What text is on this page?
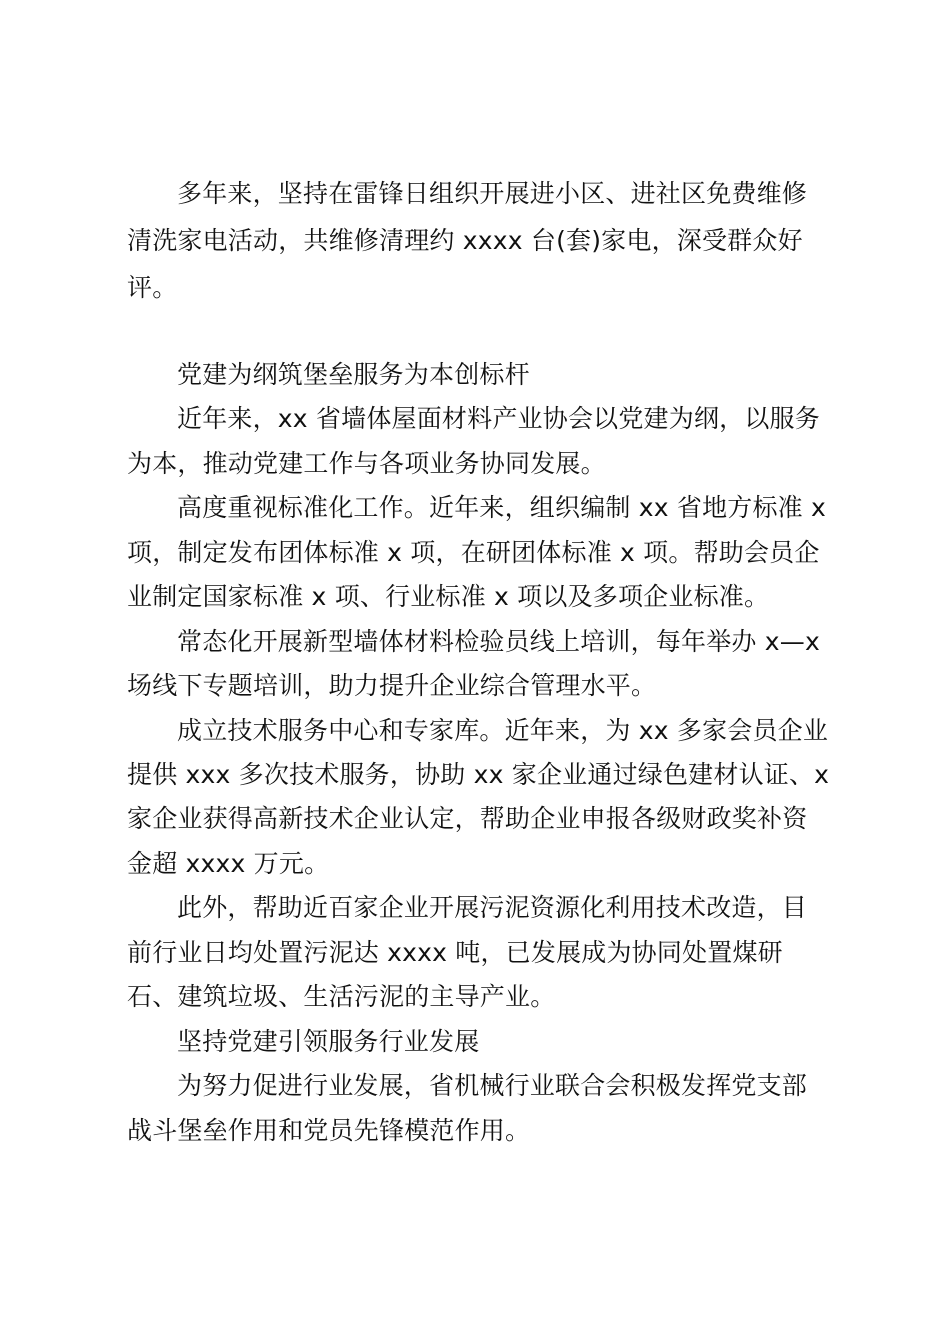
多年来，坚持在雷锋日组织开展进小区、进社区免费维修
清洗家电活动，共维修清理约 xxxx 台(套)家电，深受群众好
评。
党建为纲筑堡垒服务为本创标杆
近年来，xx 省墙体屋面材料产业协会以党建为纲，以服务
为本，推动党建工作与各项业务协同发展。
高度重视标准化工作。近年来，组织编制 xx 省地方标准 x
项，制定发布团体标准 x 项，在研团体标准 x 项。帮助会员企
业制定国家标准 x 项、行业标准 x 项以及多项企业标准。
常态化开展新型墙体材料检验员线上培训，每年举办 x—x
场线下专题培训，助力提升企业综合管理水平。
成立技术服务中心和专家库。近年来，为 xx 多家会员企业
提供 xxx 多次技术服务，协助 xx 家企业通过绿色建材认证、x
家企业获得高新技术企业认定，帮助企业申报各级财政奖补资
金超 xxxx 万元。
此外，帮助近百家企业开展污泥资源化利用技术改造，目
前行业日均处置污泥达 xxxx 吨，已发展成为协同处置煤研
石、建筑垃圾、生活污泥的主导产业。
坚持党建引领服务行业发展
为努力促进行业发展，省机械行业联合会积极发挥党支部
战斗堡垒作用和党员先锋模范作用。
